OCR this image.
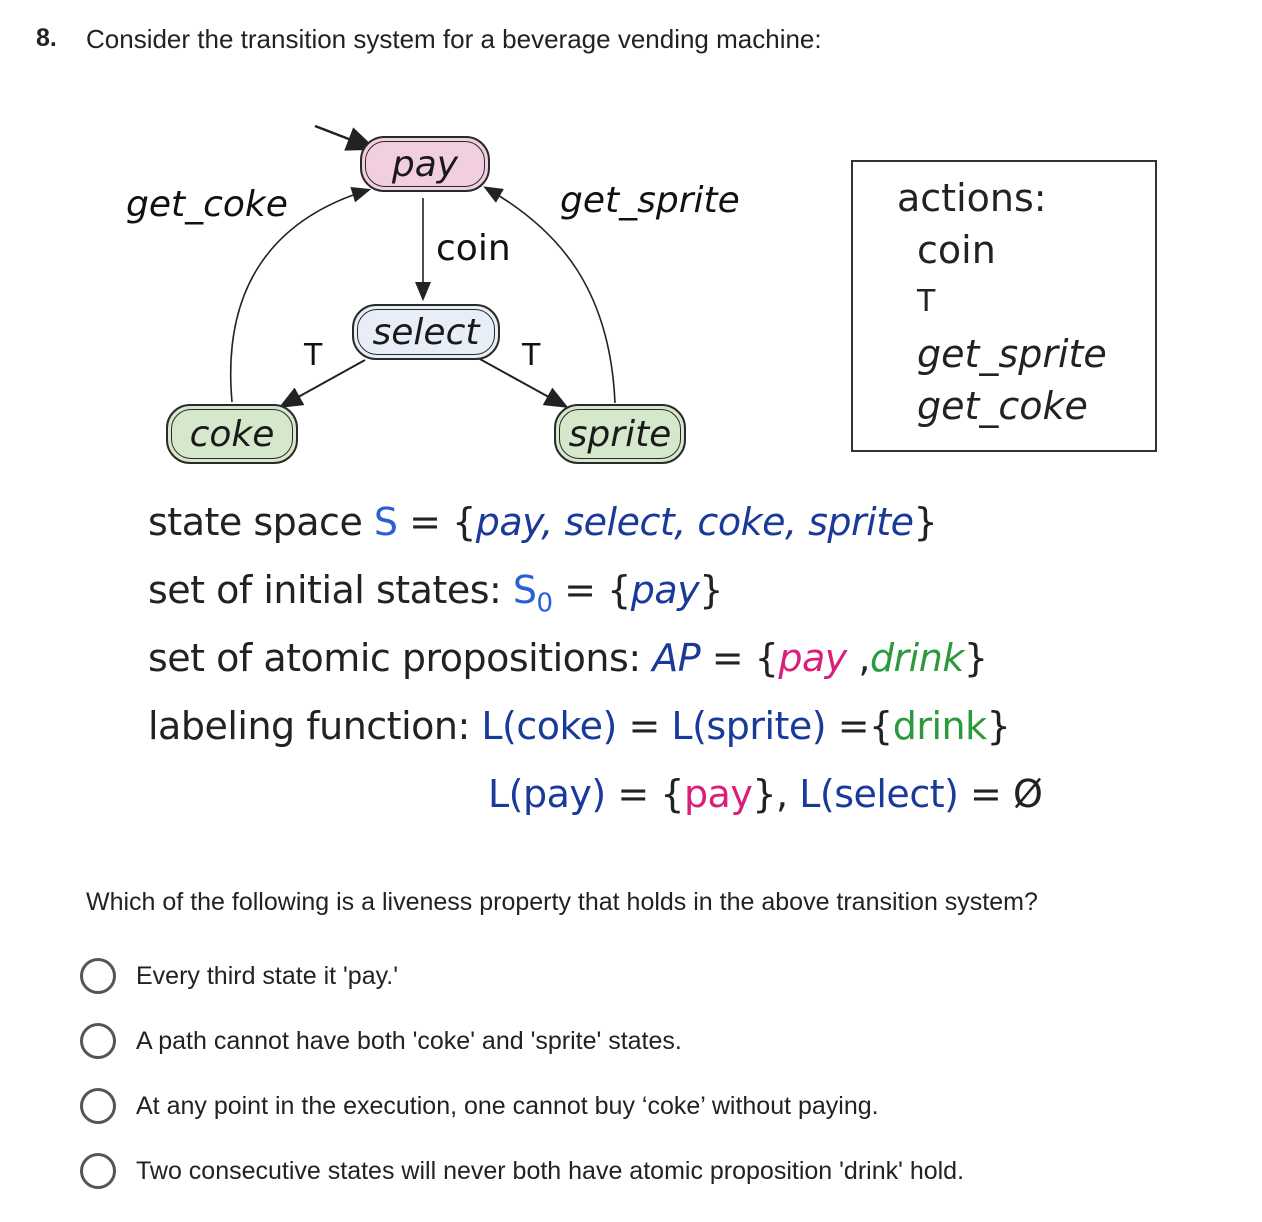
8. Consider the transition system for a beverage vending machine:
pay
select
coke	sprite
get_coke	get_sprite
coin
T	T
actions:
coin
T
get_sprite
get_coke
state space S = {pay, select, coke, sprite}
set of initial states: $S_0 = \{pay\}$
set of atomic propositions: AP = {pay ,drink}
labeling function: L(coke) = L(sprite) ={drink}
L(pay) = {pay}, L(select) = Ø
Which of the following is a liveness property that holds in the above transition system?
Every third state it 'pay.'
A path cannot have both 'coke' and 'sprite' states.
At any point in the execution, one cannot buy ‘coke’ without paying.
Two consecutive states will never both have atomic proposition 'drink' hold.
